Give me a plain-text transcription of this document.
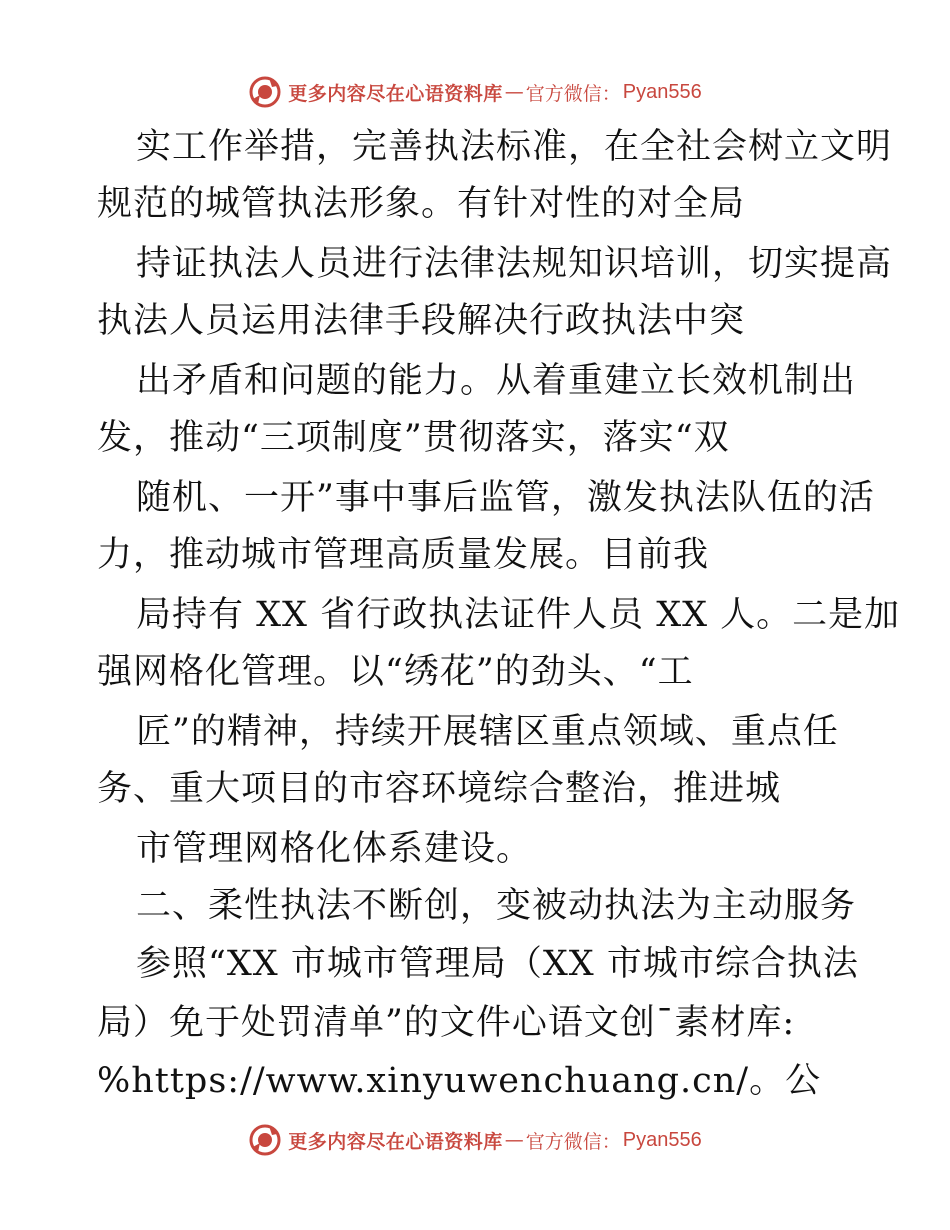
更多内容尽在心语资料库 — 官方微信： Pyan556
实工作举措，完善执法标准，在全社会树立文明
规范的城管执法形象。有针对性的对全局
持证执法人员进行法律法规知识培训，切实提高
执法人员运用法律手段解决行政执法中突
出矛盾和问题的能力。从着重建立长效机制出
发，推动“三项制度”贯彻落实，落实“双
随机、一开”事中事后监管，激发执法队伍的活
力，推动城市管理高质量发展。目前我
局持有 XX 省行政执法证件人员 XX 人。二是加
强网格化管理。以“绣花”的劲头、“工
匠”的精神，持续开展辖区重点领域、重点任
务、重大项目的市容环境综合整治，推进城
市管理网格化体系建设。
二、柔性执法不断创，变被动执法为主动服务
参照“XX 市城市管理局（XX 市城市综合执法
局）免于处罚清单”的文件心语文创¯素材库:
%https://www.xinyuwenchuang.cn/。公
更多内容尽在心语资料库 — 官方微信： Pyan556
